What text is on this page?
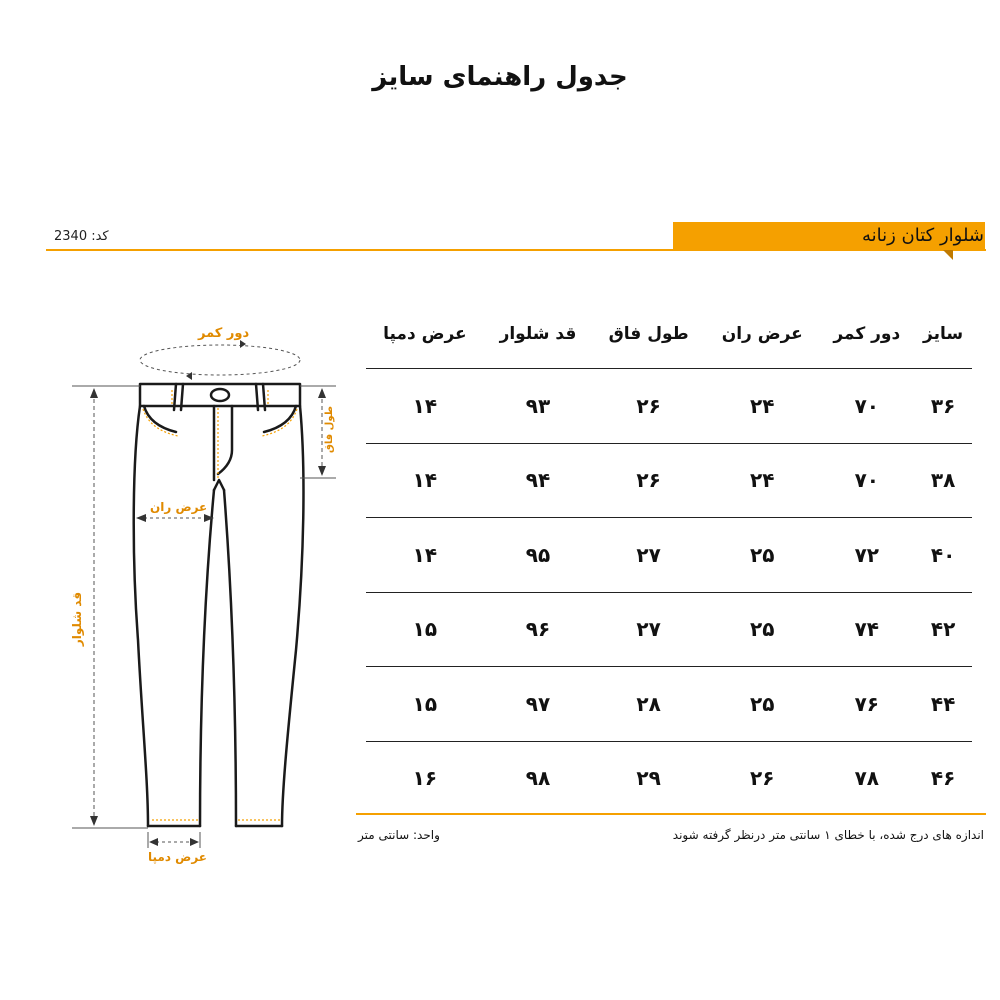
جدول راهنمای سایز
کد: 2340	شلوار کتان زنانه
دور کمر
طول فاق
عرض ران
قد شلوار
عرض دمپا
سایز	دور کمر	عرض ران	طول فاق	قد شلوار	عرض دمپا
۳۶	۷۰	۲۴	۲۶	۹۳	۱۴
۳۸	۷۰	۲۴	۲۶	۹۴	۱۴
۴۰	۷۲	۲۵	۲۷	۹۵	۱۴
۴۲	۷۴	۲۵	۲۷	۹۶	۱۵
۴۴	۷۶	۲۵	۲۸	۹۷	۱۵
۴۶	۷۸	۲۶	۲۹	۹۸	۱۶
واحد: سانتی متر	اندازه های درج شده، با خطای ۱ سانتی متر درنظر گرفته شوند
